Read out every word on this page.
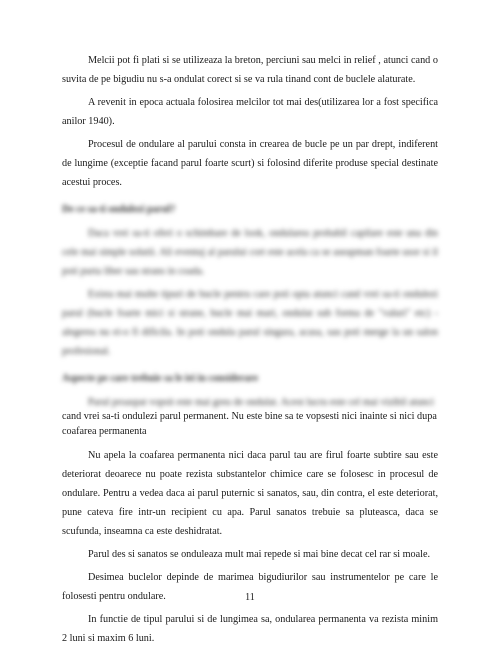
Melcii pot fi plati si se utilizeaza la breton, perciuni sau melci in relief , atunci cand o suvita de pe bigudiu nu s-a ondulat corect si se va rula tinand cont de buclele alaturate.

A revenit in epoca actuala folosirea melcilor tot mai des(utilizarea lor a fost specifica anilor 1940).

Procesul de ondulare al parului consta in crearea de bucle pe un par drept, indiferent de lungime (exceptie facand parul foarte scurt) si folosind diferite produse special destinate acestui proces.

De ce sa-ti ondulezi parul?

Daca vrei sa-ti oferi o schimbare de look, ondularea probabil capilare este una din cele mai simple solutii. Ali eventuj al parului cort este acela ca se aseapman foarte usor si il poti purta liber sau strans in coada.

Exista mai multe tipuri de bucle pentru care poti opta atunci cand vrei sa-ti ondulezi parul (bucle foarte mici si strane, bucle mai mari, ondulat sub forma de "valuri" etc) - alegerea nu ei-o fi dificila. In poti ondula parul singura, acasa, sau poti merge la un salon profesional.

Aspecte pe care trebuie sa le iei in considerare

Parul proaspat vopsit este mai greu de ondulat. Acest lucru este cel mai vizibil atunci

cand vrei sa-ti ondulezi parul permanent. Nu este bine sa te vopsesti nici inainte si nici dupa

coafarea permanenta

Nu apela la coafarea permanenta nici daca parul tau are firul foarte subtire sau este deteriorat deoarece nu poate rezista substantelor chimice care se folosesc in procesul de ondulare. Pentru a vedea daca ai parul puternic si sanatos, sau, din contra, el este deteriorat, pune cateva fire intr-un recipient cu apa. Parul sanatos trebuie sa pluteasca, daca se scufunda, inseamna ca este deshidratat.

Parul des si sanatos se onduleaza mult mai repede si mai bine decat cel rar si moale.

Desimea buclelor depinde de marimea bigudiurilor sau instrumentelor pe care le folosesti pentru ondulare.

In functie de tipul parului si de lungimea sa, ondularea permanenta va rezista minim 2 luni si maxim 6 luni.

11
